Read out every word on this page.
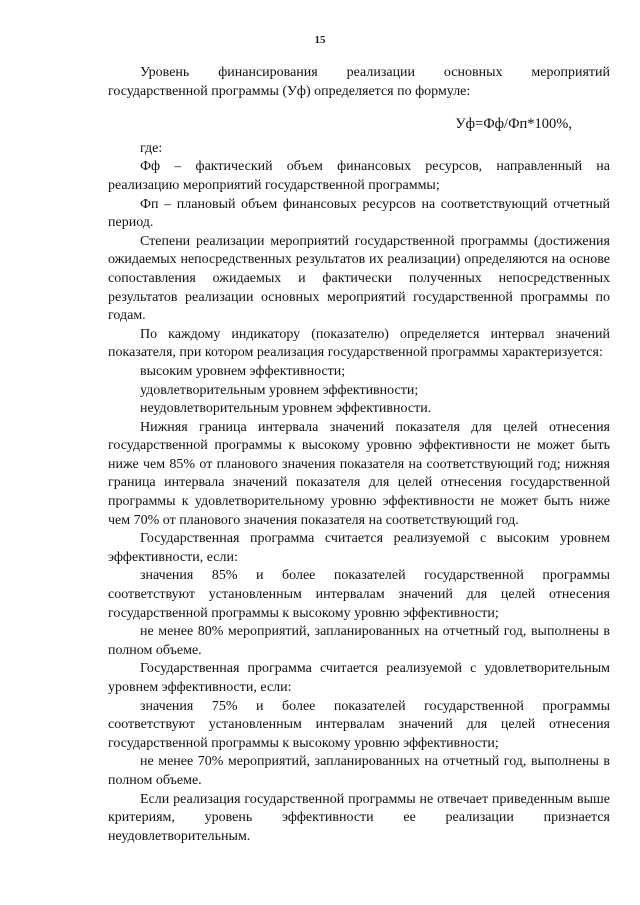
15

Уровень финансирования реализации основных мероприятий государственной программы (Уф) определяется по формуле:

Уф=Фф/Фп*100%,

где:

Фф – фактический объем финансовых ресурсов, направленный на реализацию мероприятий государственной программы;

Фп – плановый объем финансовых ресурсов на соответствующий отчетный период.

Степени реализации мероприятий государственной программы (достижения ожидаемых непосредственных результатов их реализации) определяются на основе сопоставления ожидаемых и фактически полученных непосредственных результатов реализации основных мероприятий государственной программы по годам.

По каждому индикатору (показателю) определяется интервал значений показателя, при котором реализация государственной программы характеризуется:

высоким уровнем эффективности;

удовлетворительным уровнем эффективности;

неудовлетворительным уровнем эффективности.

Нижняя граница интервала значений показателя для целей отнесения государственной программы к высокому уровню эффективности не может быть ниже чем 85% от планового значения показателя на соответствующий год; нижняя граница интервала значений показателя для целей отнесения государственной программы к удовлетворительному уровню эффективности не может быть ниже чем 70% от планового значения показателя на соответствующий год.

Государственная программа считается реализуемой с высоким уровнем эффективности, если:

значения 85% и более показателей государственной программы соответствуют установленным интервалам значений для целей отнесения государственной программы к высокому уровню эффективности;

не менее 80% мероприятий, запланированных на отчетный год, выполнены в полном объеме.

Государственная программа считается реализуемой с удовлетворительным уровнем эффективности, если:

значения 75% и более показателей государственной программы соответствуют установленным интервалам значений для целей отнесения государственной программы к высокому уровню эффективности;

не менее 70% мероприятий, запланированных на отчетный год, выполнены в полном объеме.

Если реализация государственной программы не отвечает приведенным выше критериям, уровень эффективности ее реализации признается неудовлетворительным.
